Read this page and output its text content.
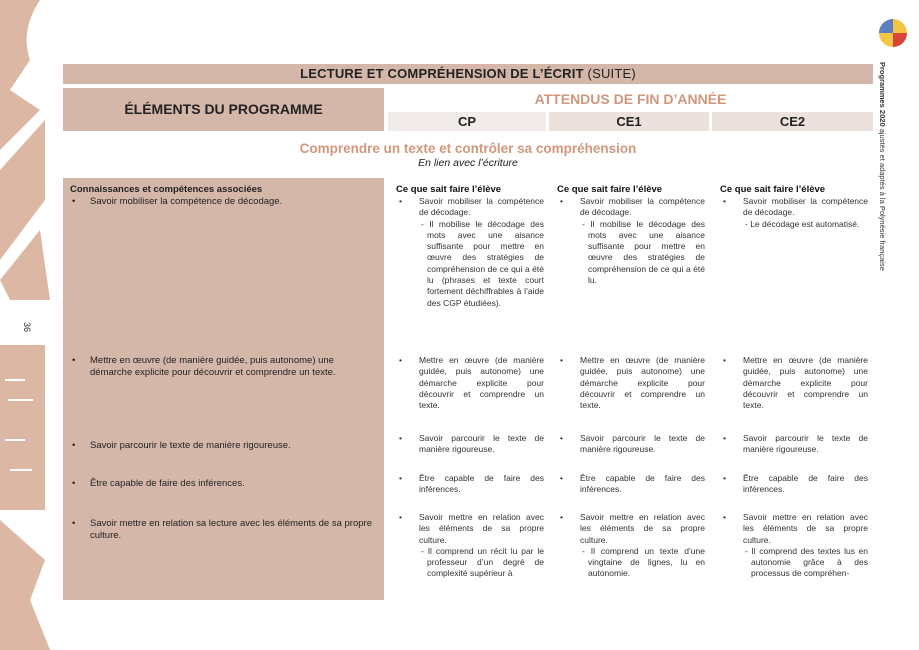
36
Programmes 2020 ajustés et adaptés à la Polynésie française
LECTURE ET COMPRÉHENSION DE L’ÉCRIT (SUITE)
ÉLÉMENTS DU PROGRAMME
ATTENDUS DE FIN D’ANNÉE
CP	CE1	CE2
Comprendre un texte et contrôler sa compréhension
En lien avec l’écriture
Connaissances et compétences associées
• Savoir mobiliser la compétence de décodage.
• Mettre en œuvre (de manière guidée, puis autonome) une démarche explicite pour découvrir et comprendre un texte.
• Savoir parcourir le texte de manière rigoureuse.
• Être capable de faire des inférences.
• Savoir mettre en relation sa lecture avec les éléments de sa propre culture.
Ce que sait faire l’élève
• Savoir mobiliser la compétence de décodage.
- Il mobilise le décodage des mots avec une aisance suffisante pour mettre en œuvre des stratégies de compréhension de ce qui a été lu (phrases et texte court fortement déchiffrables à l’aide des CGP étudiées).
• Mettre en œuvre (de manière guidée, puis autonome) une démarche explicite pour découvrir et comprendre un texte.
• Savoir parcourir le texte de manière rigoureuse.
• Être capable de faire des inférences.
• Savoir mettre en relation avec les éléments de sa propre culture.
- Il comprend un récit lu par le professeur d’un degré de complexité supérieur à
Ce que sait faire l’élève
• Savoir mobiliser la compétence de décodage.
- Il mobilise le décodage des mots avec une aisance suffisante pour mettre en œuvre des stratégies de compréhension de ce qui a été lu.
• Mettre en œuvre (de manière guidée, puis autonome) une démarche explicite pour découvrir et comprendre un texte.
• Savoir parcourir le texte de manière rigoureuse.
• Être capable de faire des inférences.
• Savoir mettre en relation avec les éléments de sa propre culture.
- Il comprend un texte d’une vingtaine de lignes, lu en autonomie.
Ce que sait faire l’élève
• Savoir mobiliser la compétence de décodage.
- Le décodage est automatisé.
• Mettre en œuvre (de manière guidée, puis autonome) une démarche explicite pour découvrir et comprendre un texte.
• Savoir parcourir le texte de manière rigoureuse.
• Être capable de faire des inférences.
• Savoir mettre en relation avec les éléments de sa propre culture.
- Il comprend des textes lus en autonomie grâce à des processus de compréhen-
